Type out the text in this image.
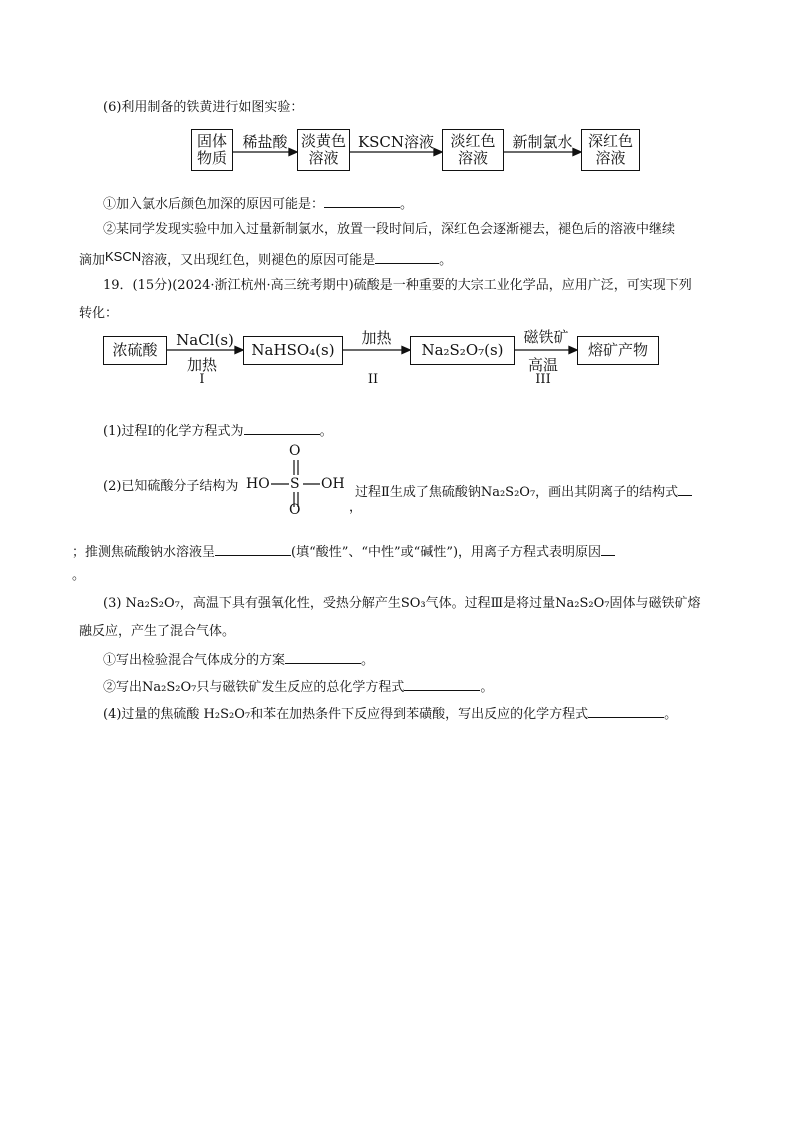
(6)利用制备的铁黄进行如图实验：
固体
物质
稀盐酸 淡黄色
溶液
KSCN溶液	淡红色
溶液
新制氯水	深红色
溶液
①加入氯水后颜色加深的原因可能是：	。
②某同学发现实验中加入过量新制氯水，放置一段时间后，深红色会逐渐褪去，褪色后的溶液中继续
滴加KSCN溶液，又出现红色，则褪色的原因可能是	。
19．(15分)(2024·浙江杭州·高三统考期中)硫酸是一种重要的大宗工业化学品，应用广泛，可实现下列
转化：
浓硫酸
NaCl(s)
加热
I
NaHSO₄(s)
加热
II
Na₂S₂O₇(s)
磁铁矿
高温
III
熔矿产物
(1)过程Ⅰ的化学方程式为	。
(2)已知硫酸分子结构为
O
HO S OH
O
过程Ⅱ生成了焦硫酸钠Na₂S₂O₇，画出其阴离子的结构式
，
；推测焦硫酸钠水溶液呈	(填“酸性”、“中性”或“碱性”)，用离子方程式表明原因
。
(3) Na₂S₂O₇，高温下具有强氧化性，受热分解产生SO₃气体。过程Ⅲ是将过量Na₂S₂O₇固体与磁铁矿熔
融反应，产生了混合气体。
①写出检验混合气体成分的方案	。
②写出Na₂S₂O₇只与磁铁矿发生反应的总化学方程式	。
(4)过量的焦硫酸 H₂S₂O₇和苯在加热条件下反应得到苯磺酸，写出反应的化学方程式	。
